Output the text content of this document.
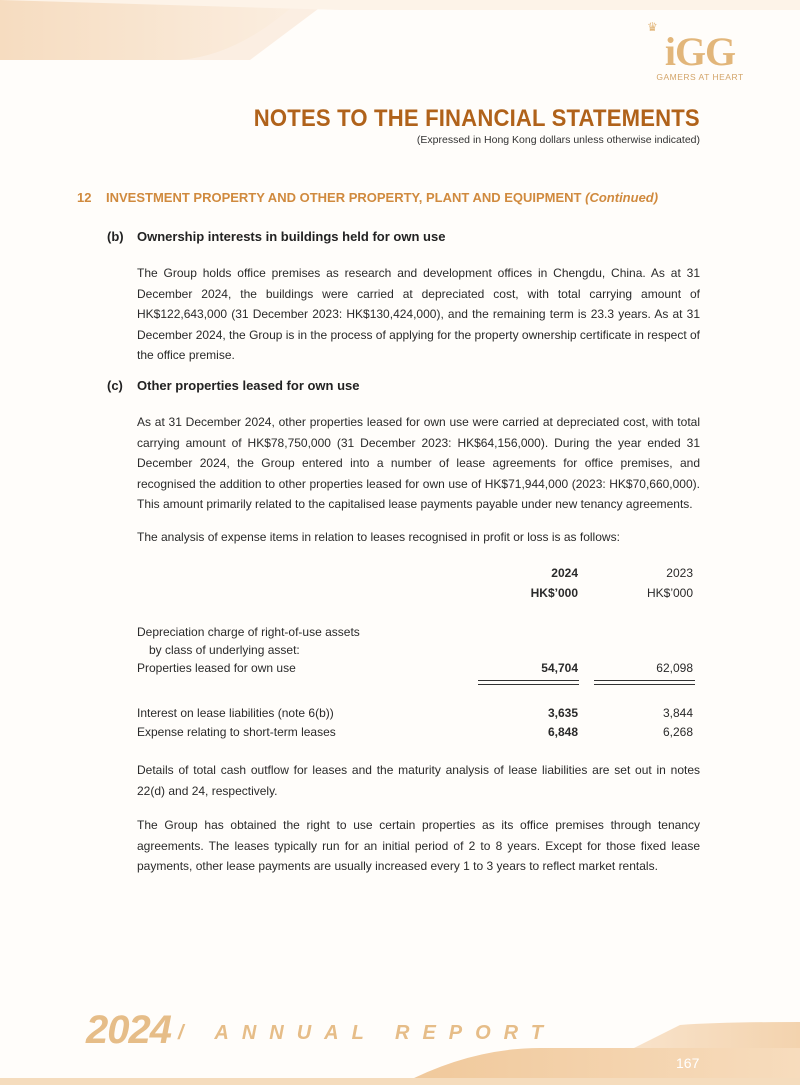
♛
iGG
GAMERS AT HEART
NOTES TO THE FINANCIAL STATEMENTS
(Expressed in Hong Kong dollars unless otherwise indicated)
12 INVESTMENT PROPERTY AND OTHER PROPERTY, PLANT AND EQUIPMENT (Continued)
(b) Ownership interests in buildings held for own use

The Group holds office premises as research and development offices in Chengdu, China. As at 31 December 2024, the buildings were carried at depreciated cost, with total carrying amount of HK$122,643,000 (31 December 2023: HK$130,424,000), and the remaining term is 23.3 years. As at 31 December 2024, the Group is in the process of applying for the property ownership certificate in respect of the office premise.

(c) Other properties leased for own use

As at 31 December 2024, other properties leased for own use were carried at depreciated cost, with total carrying amount of HK$78,750,000 (31 December 2023: HK$64,156,000). During the year ended 31 December 2024, the Group entered into a number of lease agreements for office premises, and recognised the addition to other properties leased for own use of HK$71,944,000 (2023: HK$70,660,000). This amount primarily related to the capitalised lease payments payable under new tenancy agreements.

The analysis of expense items in relation to leases recognised in profit or loss is as follows:

2024	2023
HK$’000	HK$’000
Depreciation charge of right-of-use assets
by class of underlying asset:
Properties leased for own use	54,704	62,098
Interest on lease liabilities (note 6(b))	3,635	3,844
Expense relating to short-term leases	6,848	6,268

Details of total cash outflow for leases and the maturity analysis of lease liabilities are set out in notes 22(d) and 24, respectively.

The Group has obtained the right to use certain properties as its office premises through tenancy agreements. The leases typically run for an initial period of 2 to 8 years. Except for those fixed lease payments, other lease payments are usually increased every 1 to 3 years to reflect market rentals.

2024 / ANNUAL REPORT
167
